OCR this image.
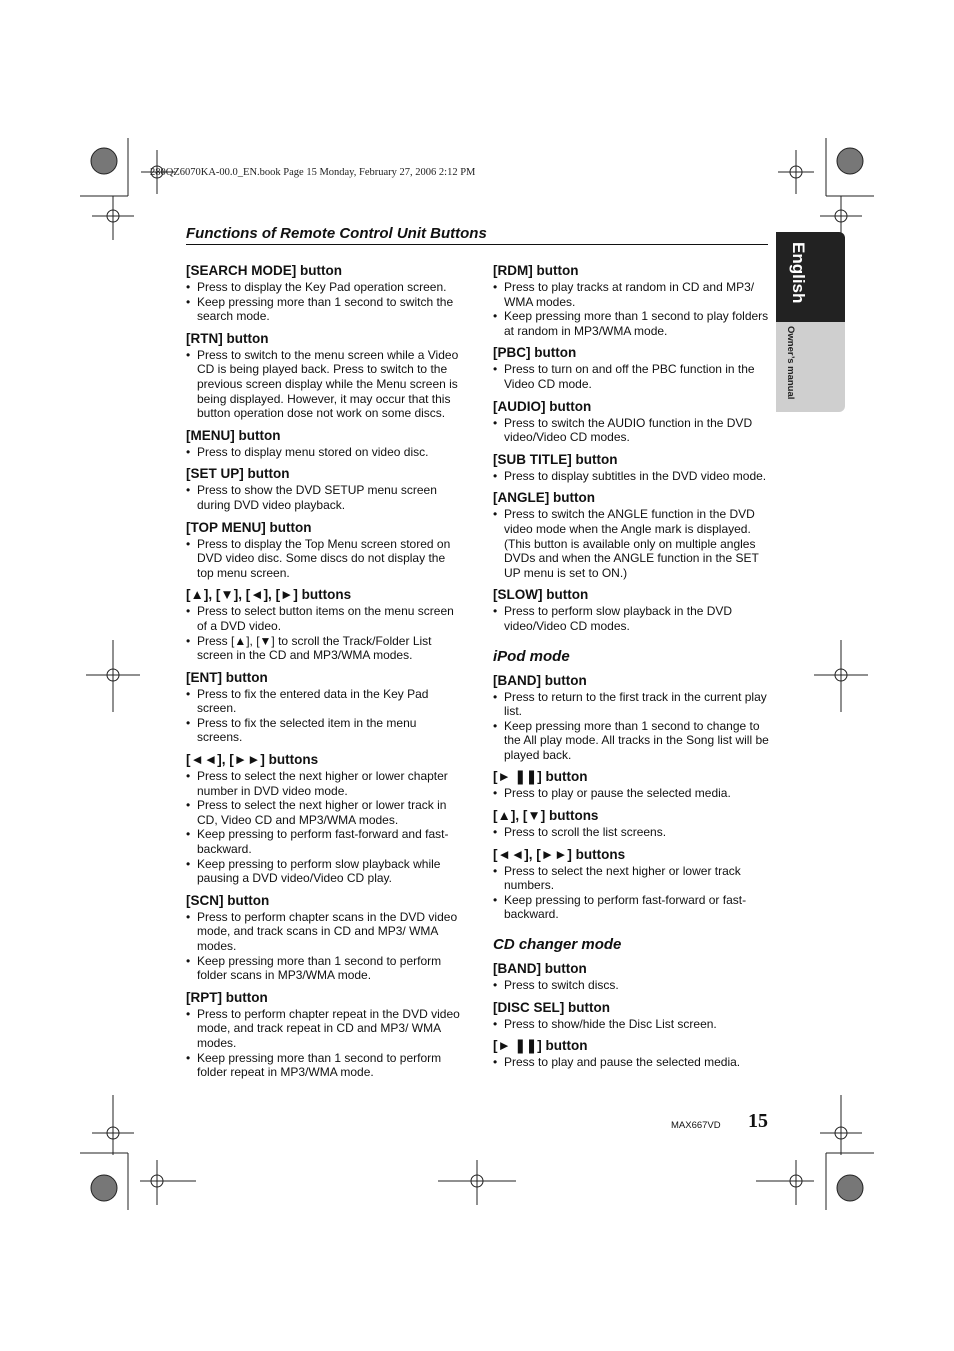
280QZ6070KA-00.0_EN.book Page 15 Monday, February 27, 2006 2:12 PM
Functions of Remote Control Unit Buttons
English
Owner’s manual
[SEARCH MODE] button
• Press to display the Key Pad operation screen.
• Keep pressing more than 1 second to switch the search mode.
[RTN] button
• Press to switch to the menu screen while a Video CD is being played back. Press to switch to the previous screen display while the Menu screen is being displayed. However, it may occur that this button operation dose not work on some discs.
[MENU] button
• Press to display menu stored on video disc.
[SET UP] button
• Press to show the DVD SETUP menu screen during DVD video playback.
[TOP MENU] button
• Press to display the Top Menu screen stored on DVD video disc. Some discs do not display the top menu screen.
[▲], [▼], [◄], [►] buttons
• Press to select button items on the menu screen of a DVD video.
• Press [▲], [▼] to scroll the Track/Folder List screen in the CD and MP3/WMA modes.
[ENT] button
• Press to fix the entered data in the Key Pad screen.
• Press to fix the selected item in the menu screens.
[◄◄], [►►] buttons
• Press to select the next higher or lower chapter number in DVD video mode.
• Press to select the next higher or lower track in CD, Video CD and MP3/WMA modes.
• Keep pressing to perform fast-forward and fast-backward.
• Keep pressing to perform slow playback while pausing a DVD video/Video CD play.
[SCN] button
• Press to perform chapter scans in the DVD video mode, and track scans in CD and MP3/ WMA modes.
• Keep pressing more than 1 second to perform folder scans in MP3/WMA mode.
[RPT] button
• Press to perform chapter repeat in the DVD video mode, and track repeat in CD and MP3/ WMA modes.
• Keep pressing more than 1 second to perform folder repeat in MP3/WMA mode.
[RDM] button
• Press to play tracks at random in CD and MP3/ WMA modes.
• Keep pressing more than 1 second to play folders at random in MP3/WMA mode.
[PBC] button
• Press to turn on and off the PBC function in the Video CD mode.
[AUDIO] button
• Press to switch the AUDIO function in the DVD video/Video CD modes.
[SUB TITLE] button
• Press to display subtitles in the DVD video mode.
[ANGLE] button
• Press to switch the ANGLE function in the DVD video mode when the Angle mark is displayed. (This button is available only on multiple angles DVDs and when the ANGLE function in the SET UP menu is set to ON.)
[SLOW] button
• Press to perform slow playback in the DVD video/Video CD modes.
iPod mode
[BAND] button
• Press to return to the first track in the current play list.
• Keep pressing more than 1 second to change to the All play mode. All tracks in the Song list will be played back.
[► ❚❚] button
• Press to play or pause the selected media.
[▲], [▼] buttons
• Press to scroll the list screens.
[◄◄], [►►] buttons
• Press to select the next higher or lower track numbers.
• Keep pressing to perform fast-forward or fast- backward.
CD changer mode
[BAND] button
• Press to switch discs.
[DISC SEL] button
• Press to show/hide the Disc List screen.
[► ❚❚] button
• Press to play and pause the selected media.
MAX667VD 15
